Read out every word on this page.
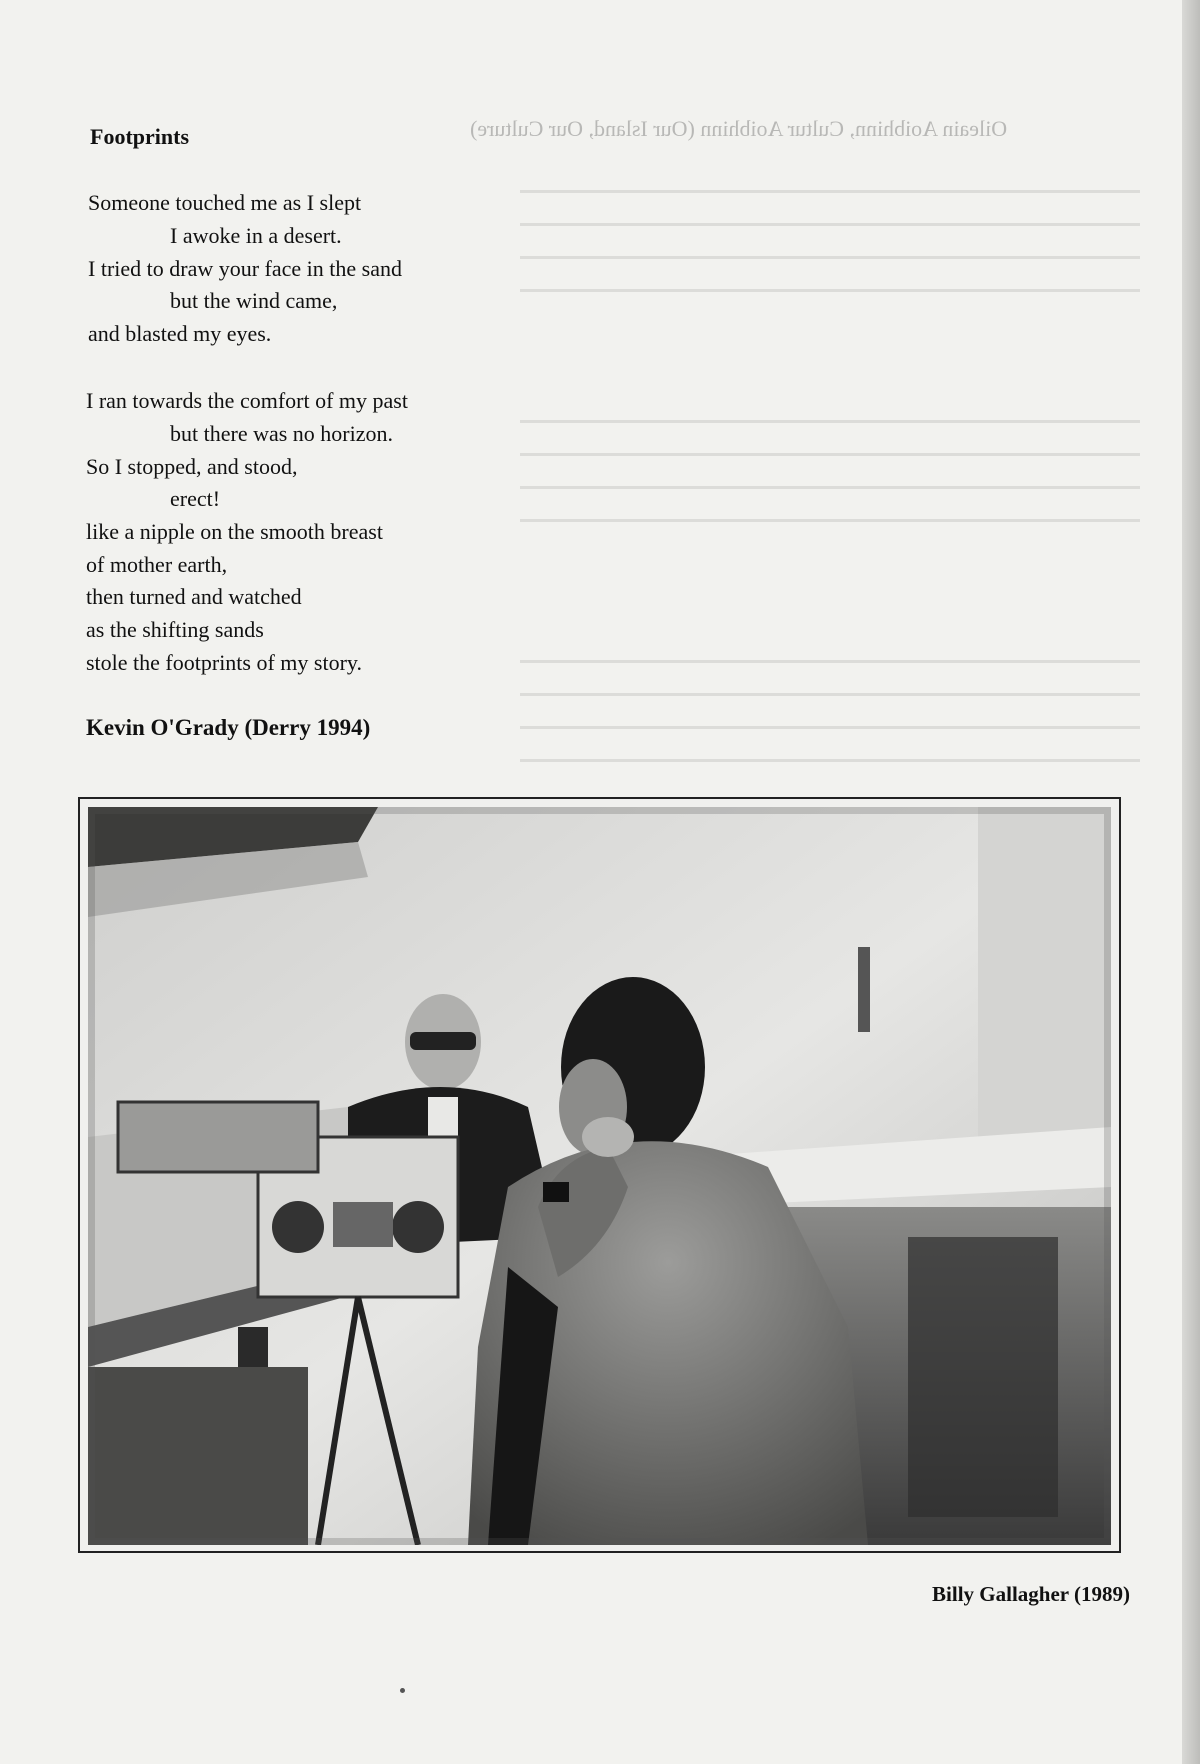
Oileain Aoibhinn, Cultur Aoibhinn (Our Island, Our Culture)
Footprints
Someone touched me as I slept
I awoke in a desert.
I tried to draw your face in the sand
but the wind came,
and blasted my eyes.
I ran towards the comfort of my past
but there was no horizon.
So I stopped, and stood,
erect!
like a nipple on the smooth breast
of mother earth,
then turned and watched
as the shifting sands
stole the footprints of my story.
Kevin O'Grady (Derry 1994)
Billy Gallagher (1989)
